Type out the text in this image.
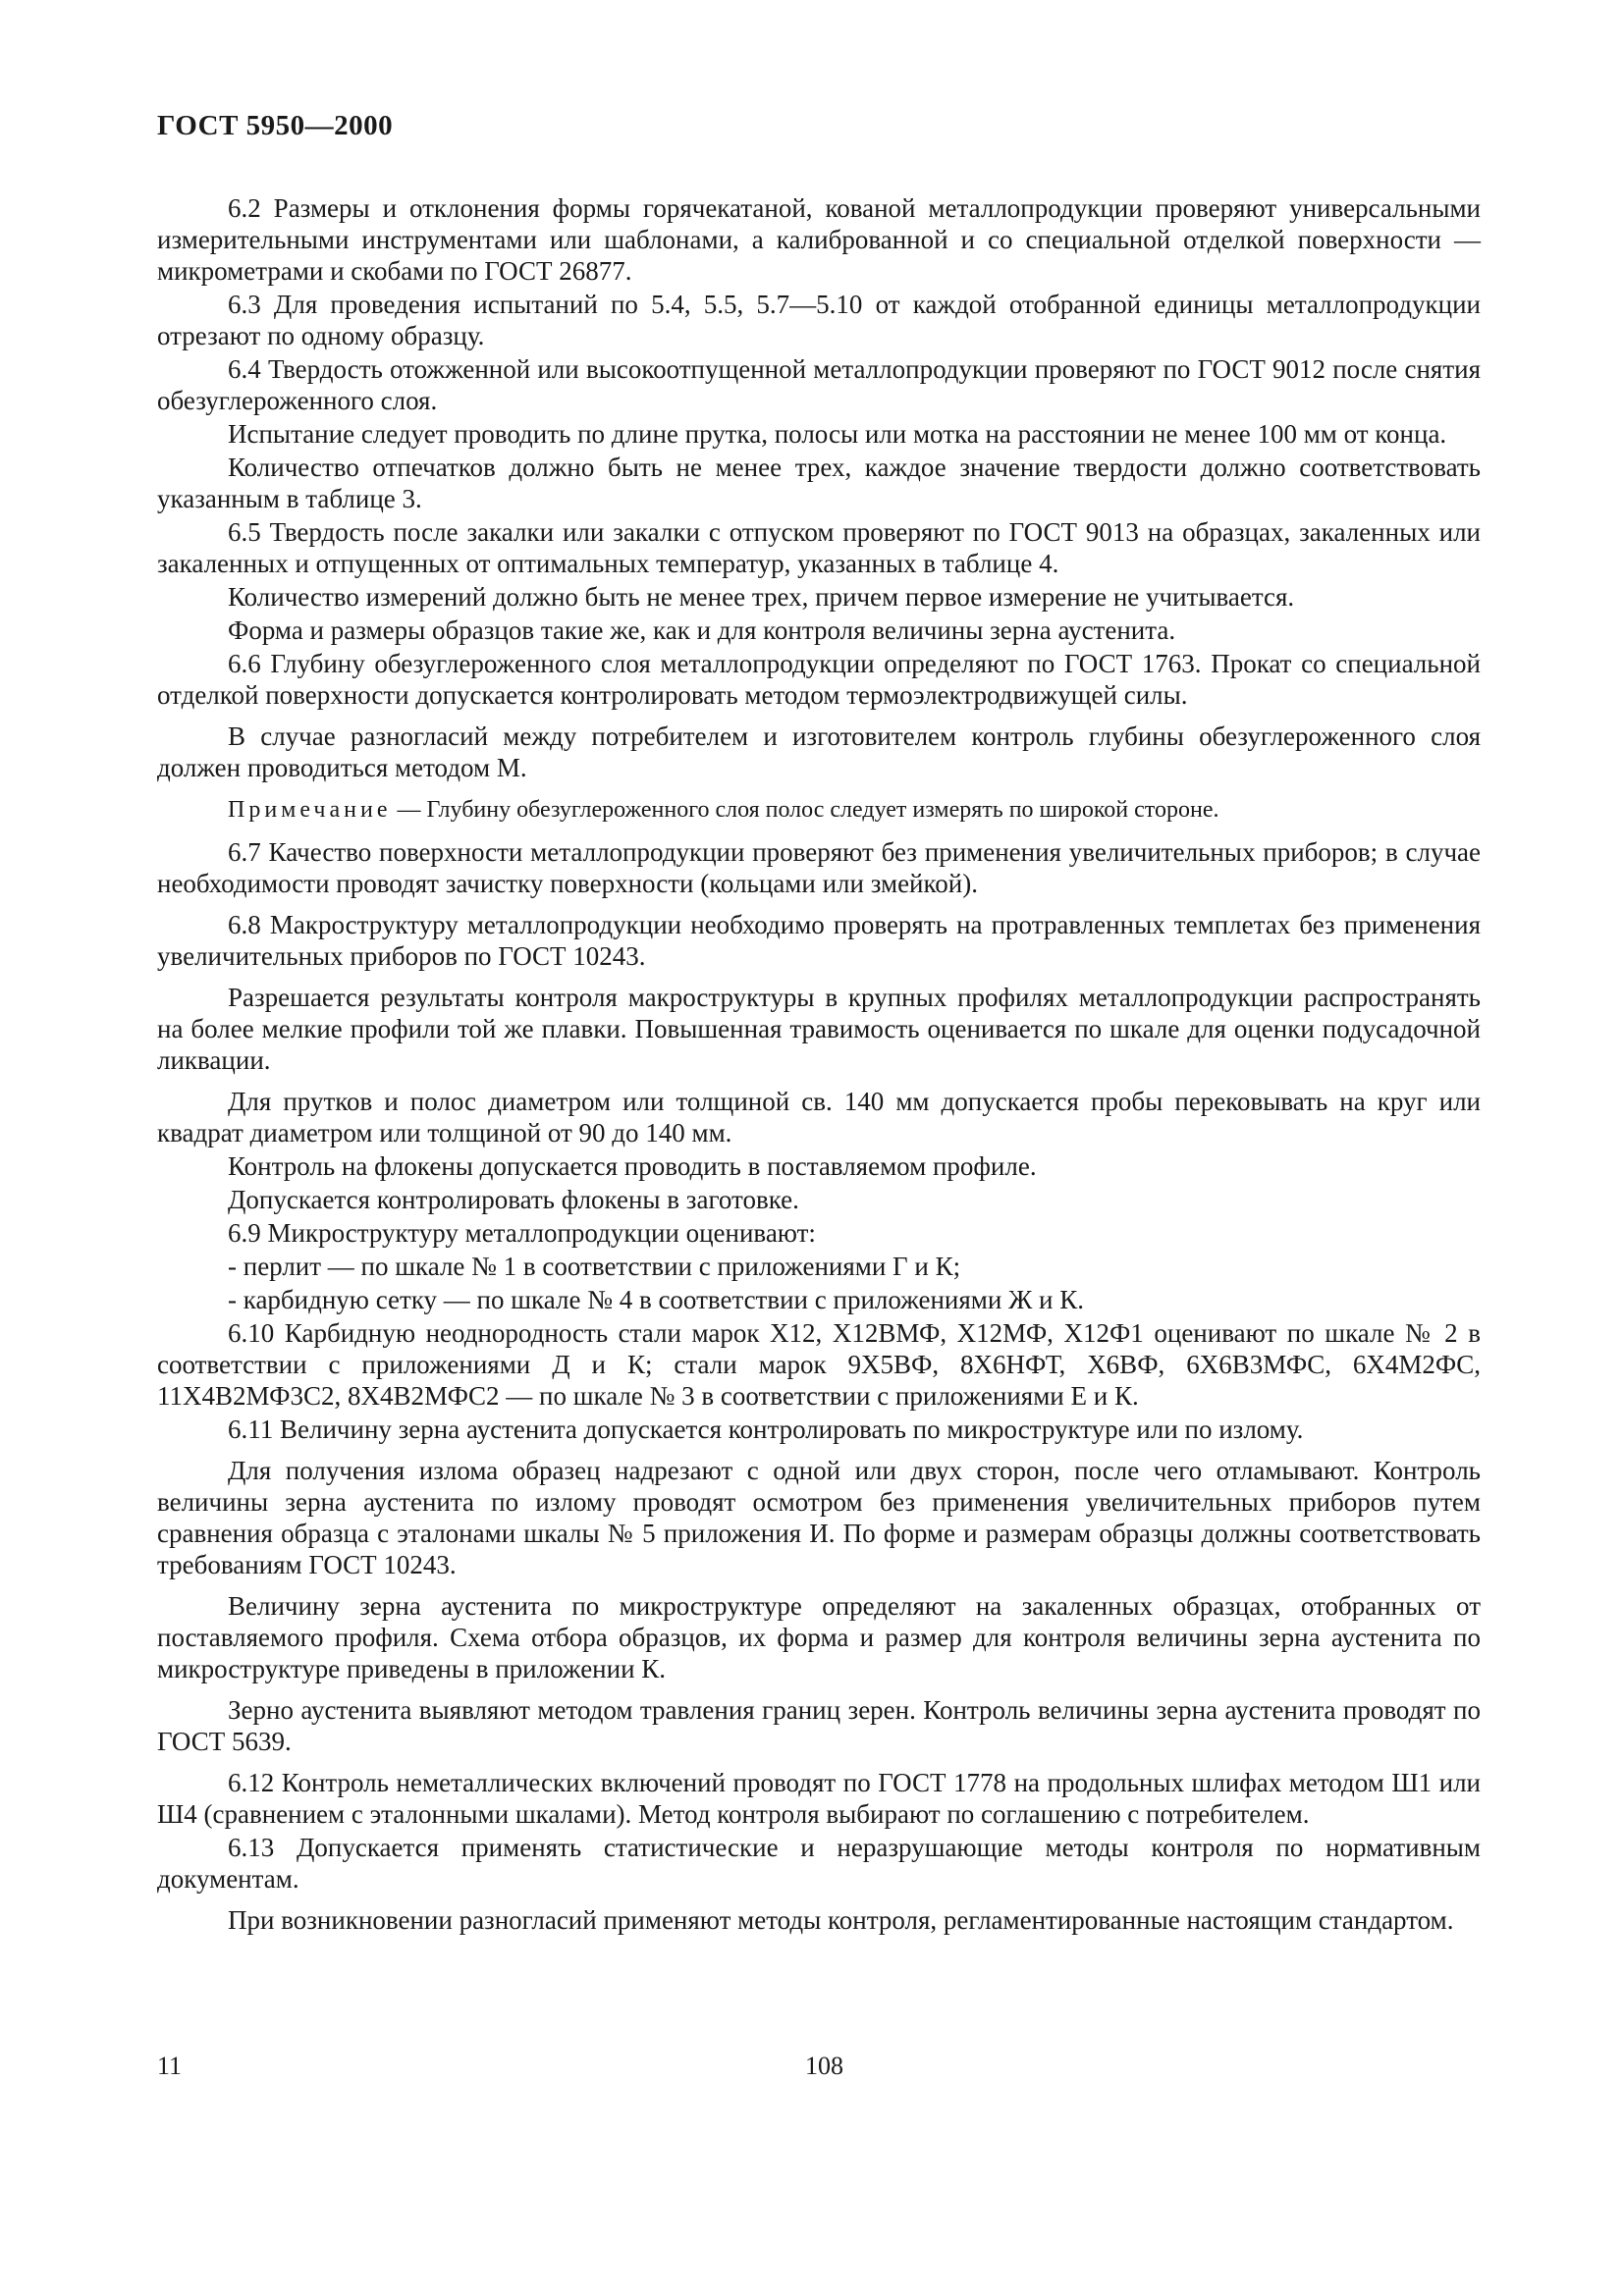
ГОСТ 5950—2000

6.2 Размеры и отклонения формы горячекатаной, кованой металлопродукции проверяют универсальными измерительными инструментами или шаблонами, а калиброванной и со специальной отделкой поверхности — микрометрами и скобами по ГОСТ 26877.

6.3 Для проведения испытаний по 5.4, 5.5, 5.7—5.10 от каждой отобранной единицы металлопродукции отрезают по одному образцу.

6.4 Твердость отожженной или высокоотпущенной металлопродукции проверяют по ГОСТ 9012 после снятия обезуглероженного слоя.

Испытание следует проводить по длине прутка, полосы или мотка на расстоянии не менее 100 мм от конца.

Количество отпечатков должно быть не менее трех, каждое значение твердости должно соответствовать указанным в таблице 3.

6.5 Твердость после закалки или закалки с отпуском проверяют по ГОСТ 9013 на образцах, закаленных или закаленных и отпущенных от оптимальных температур, указанных в таблице 4.

Количество измерений должно быть не менее трех, причем первое измерение не учитывается.

Форма и размеры образцов такие же, как и для контроля величины зерна аустенита.

6.6 Глубину обезуглероженного слоя металлопродукции определяют по ГОСТ 1763. Прокат со специальной отделкой поверхности допускается контролировать методом термоэлектродвижущей силы.

В случае разногласий между потребителем и изготовителем контроль глубины обезуглероженного слоя должен проводиться методом М.

Примечание — Глубину обезуглероженного слоя полос следует измерять по широкой стороне.

6.7 Качество поверхности металлопродукции проверяют без применения увеличительных приборов; в случае необходимости проводят зачистку поверхности (кольцами или змейкой).

6.8 Макроструктуру металлопродукции необходимо проверять на протравленных темплетах без применения увеличительных приборов по ГОСТ 10243.

Разрешается результаты контроля макроструктуры в крупных профилях металлопродукции распространять на более мелкие профили той же плавки. Повышенная травимость оценивается по шкале для оценки подусадочной ликвации.

Для прутков и полос диаметром или толщиной св. 140 мм допускается пробы перековывать на круг или квадрат диаметром или толщиной от 90 до 140 мм.

Контроль на флокены допускается проводить в поставляемом профиле.

Допускается контролировать флокены в заготовке.

6.9 Микроструктуру металлопродукции оценивают:

- перлит — по шкале № 1 в соответствии с приложениями Г и К;

- карбидную сетку — по шкале № 4 в соответствии с приложениями Ж и К.

6.10 Карбидную неоднородность стали марок Х12, Х12ВМФ, Х12МФ, Х12Ф1 оценивают по шкале № 2 в соответствии с приложениями Д и К; стали марок 9Х5ВФ, 8Х6НФТ, Х6ВФ, 6Х6В3МФС, 6Х4М2ФС, 11Х4В2МФ3С2, 8Х4В2МФС2 — по шкале № 3 в соответствии с приложениями Е и К.

6.11 Величину зерна аустенита допускается контролировать по микроструктуре или по излому.

Для получения излома образец надрезают с одной или двух сторон, после чего отламывают. Контроль величины зерна аустенита по излому проводят осмотром без применения увеличительных приборов путем сравнения образца с эталонами шкалы № 5 приложения И. По форме и размерам образцы должны соответствовать требованиям ГОСТ 10243.

Величину зерна аустенита по микроструктуре определяют на закаленных образцах, отобранных от поставляемого профиля. Схема отбора образцов, их форма и размер для контроля величины зерна аустенита по микроструктуре приведены в приложении К.

Зерно аустенита выявляют методом травления границ зерен. Контроль величины зерна аустенита проводят по ГОСТ 5639.

6.12 Контроль неметаллических включений проводят по ГОСТ 1778 на продольных шлифах методом Ш1 или Ш4 (сравнением с эталонными шкалами). Метод контроля выбирают по соглашению с потребителем.

6.13 Допускается применять статистические и неразрушающие методы контроля по нормативным документам.

При возникновении разногласий применяют методы контроля, регламентированные настоящим стандартом.

11	108
